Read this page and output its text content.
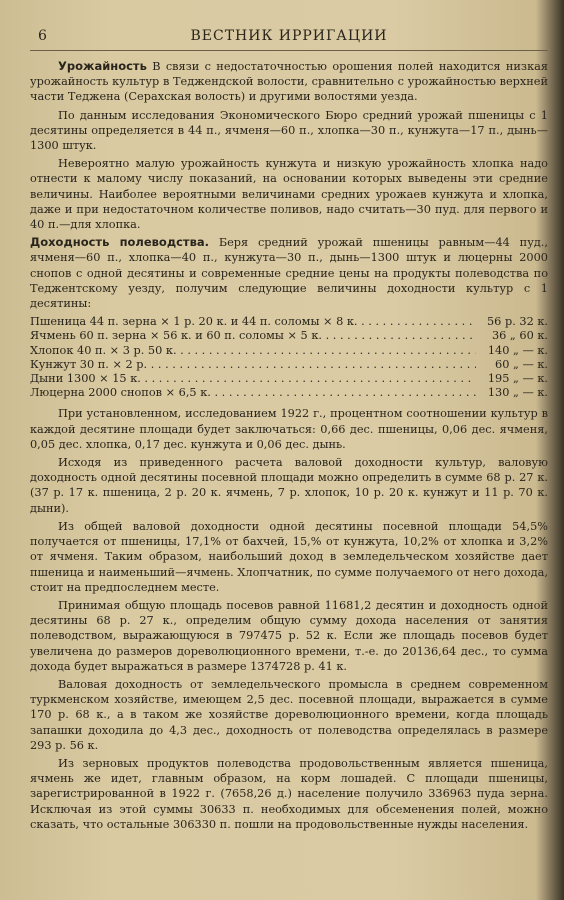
6	ВЕСТНИК ИРРИГАЦИИ

Урожайность В связи с недостаточностью орошения полей находится низкая урожайность культур в Теджендской волости, сравнительно с урожайностью верхней части Теджена (Серахская волость) и другими волостями уезда.

По данным исследования Экономического Бюро средний урожай пшеницы с 1 десятины определяется в 44 п., ячменя—60 п., хлопка—30 п., кунжута—17 п., дынь—1300 штук.

Невероятно малую урожайность кунжута и низкую урожайность хлопка надо отнести к малому числу показаний, на основании которых выведены эти средние величины. Наиболее вероятными величинами средних урожаев кунжута и хлопка, даже и при недостаточном количестве поливов, надо считать—30 пуд. для первого и 40 п.—для хлопка.

Доходность полеводства. Беря средний урожай пшеницы равным—44 пуд., ячменя—60 п., хлопка—40 п., кунжута—30 п., дынь—1300 штук и люцерны 2000 снопов с одной десятины и современные средние цены на продукты полеводства по Теджентскому уезду, получим следующие величины доходности культур с 1 десятины:

Пшеница 44 п. зерна × 1 р. 20 к. и 44 п. соломы × 8 к. . . .	56 р. 32 к.
Ячмень 60 п. зерна × 56 к. и 60 п. соломы × 5 к. . . .	36 „ 60 к.
Хлопок 40 п. × 3 р. 50 к. . . .	140 „ — к.
Кунжут 30 п. × 2 р. . . .	60 „ — к.
Дыни 1300 × 15 к. . . .	195 „ — к.
Люцерна 2000 снопов × 6,5 к. . . .	130 „ — к.

При установленном, исследованием 1922 г., процентном соотношении культур в каждой десятине площади будет заключаться: 0,66 дес. пшеницы, 0,06 дес. ячменя, 0,05 дес. хлопка, 0,17 дес. кунжута и 0,06 дес. дынь.

Исходя из приведенного расчета валовой доходности культур, валовую доходность одной десятины посевной площади можно определить в сумме 68 р. 27 к. (37 р. 17 к. пшеница, 2 р. 20 к. ячмень, 7 р. хлопок, 10 р. 20 к. кунжут и 11 р. 70 к. дыни).

Из общей валовой доходности одной десятины посевной площади 54,5% получается от пшеницы, 17,1% от бахчей, 15,% от кунжута, 10,2% от хлопка и 3,2% от ячменя. Таким образом, наибольший доход в земледельческом хозяйстве дает пшеница и наименьший—ячмень. Хлопчатник, по сумме получаемого от него дохода, стоит на предпоследнем месте.

Принимая общую площадь посевов равной 11681,2 десятин и доходность одной десятины 68 р. 27 к., определим общую сумму дохода населения от занятия полеводством, выражающуюся в 797475 р. 52 к. Если же площадь посевов будет увеличена до размеров дореволюционного времени, т.-е. до 20136,64 дес., то сумма дохода будет выражаться в размере 1374728 р. 41 к.

Валовая доходность от земледельческого промысла в среднем современном туркменском хозяйстве, имеющем 2,5 дес. посевной площади, выражается в сумме 170 р. 68 к., а в таком же хозяйстве дореволюционного времени, когда площадь запашки доходила до 4,3 дес., доходность от полеводства определялась в размере 293 р. 56 к.

Из зерновых продуктов полеводства продовольственным является пшеница, ячмень же идет, главным образом, на корм лошадей. С площади пшеницы, зарегистрированной в 1922 г. (7658,26 д.) население получило 336963 пуда зерна. Исключая из этой суммы 30633 п. необходимых для обсеменения полей, можно сказать, что остальные 306330 п. пошли на продовольственные нужды населения.
